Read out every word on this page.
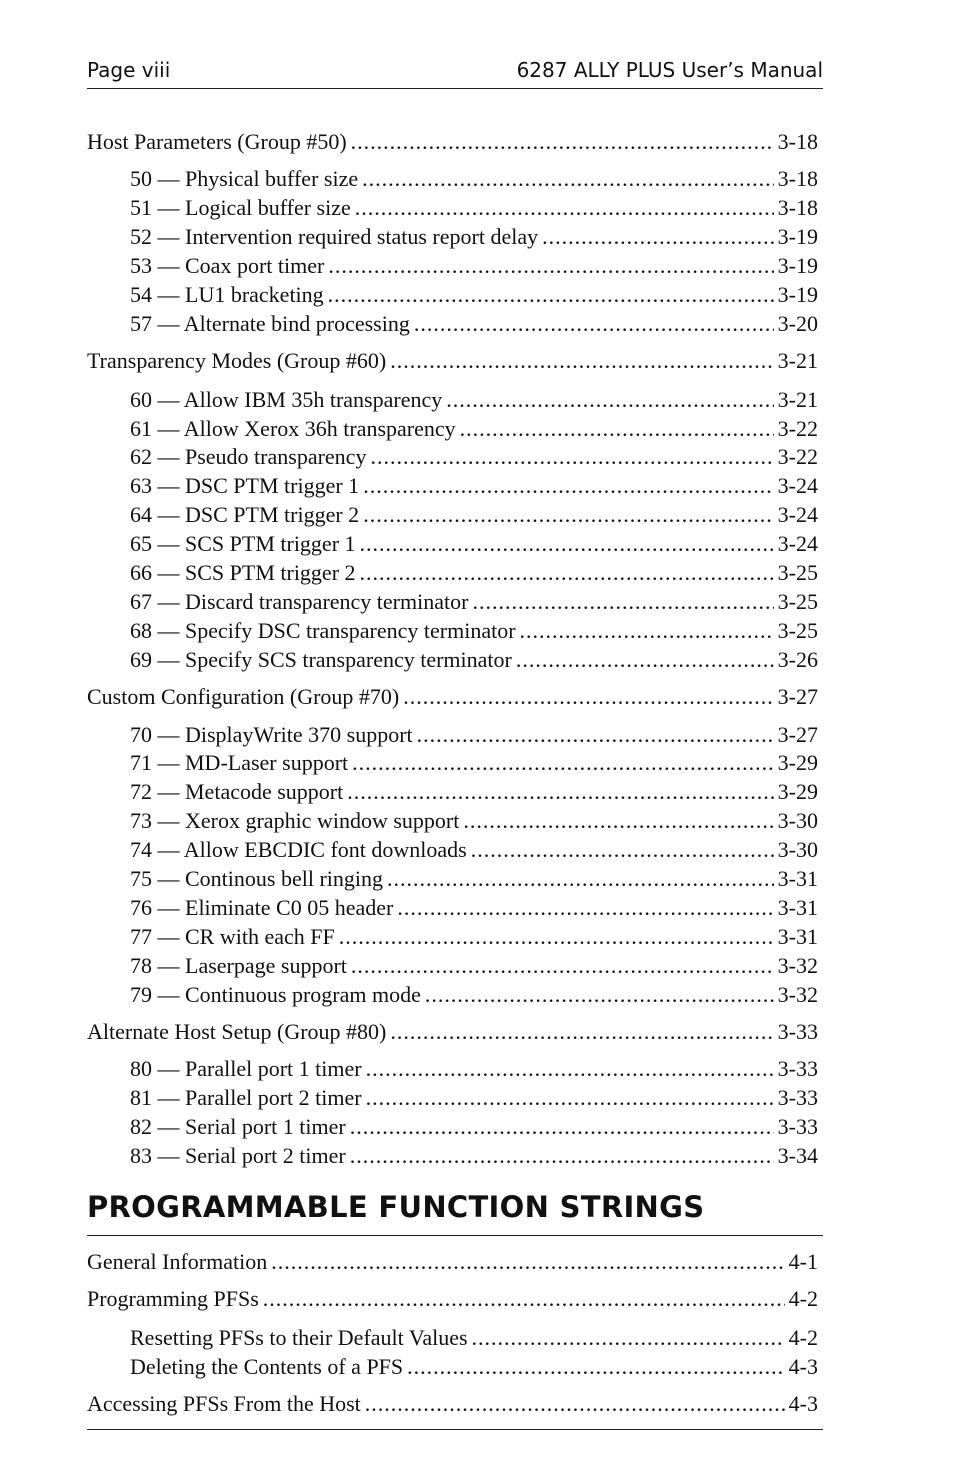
Page viii	6287 ALLY PLUS User’s Manual
Host Parameters (Group #50) .....	3-18
50 — Physical buffer size .....	3-18
51 — Logical buffer size .....	3-18
52 — Intervention required status report delay .....	3-19
53 — Coax port timer .....	3-19
54 — LU1 bracketing .....	3-19
57 — Alternate bind processing .....	3-20
Transparency Modes (Group #60) .....	3-21
60 — Allow IBM 35h transparency .....	3-21
61 — Allow Xerox 36h transparency .....	3-22
62 — Pseudo transparency .....	3-22
63 — DSC PTM trigger 1 .....	3-24
64 — DSC PTM trigger 2 .....	3-24
65 — SCS PTM trigger 1 .....	3-24
66 — SCS PTM trigger 2 .....	3-25
67 — Discard transparency terminator .....	3-25
68 — Specify DSC transparency terminator .....	3-25
69 — Specify SCS transparency terminator .....	3-26
Custom Configuration (Group #70) .....	3-27
70 — DisplayWrite 370 support .....	3-27
71 — MD-Laser support .....	3-29
72 — Metacode support .....	3-29
73 — Xerox graphic window support .....	3-30
74 — Allow EBCDIC font downloads .....	3-30
75 — Continous bell ringing .....	3-31
76 — Eliminate C0 05 header .....	3-31
77 — CR with each FF .....	3-31
78 — Laserpage support .....	3-32
79 — Continuous program mode .....	3-32
Alternate Host Setup (Group #80) .....	3-33
80 — Parallel port 1 timer .....	3-33
81 — Parallel port 2 timer .....	3-33
82 — Serial port 1 timer .....	3-33
83 — Serial port 2 timer .....	3-34
PROGRAMMABLE FUNCTION STRINGS
General Information .....	4-1
Programming PFSs .....	4-2
Resetting PFSs to their Default Values .....	4-2
Deleting the Contents of a PFS .....	4-3
Accessing PFSs From the Host .....	4-3
